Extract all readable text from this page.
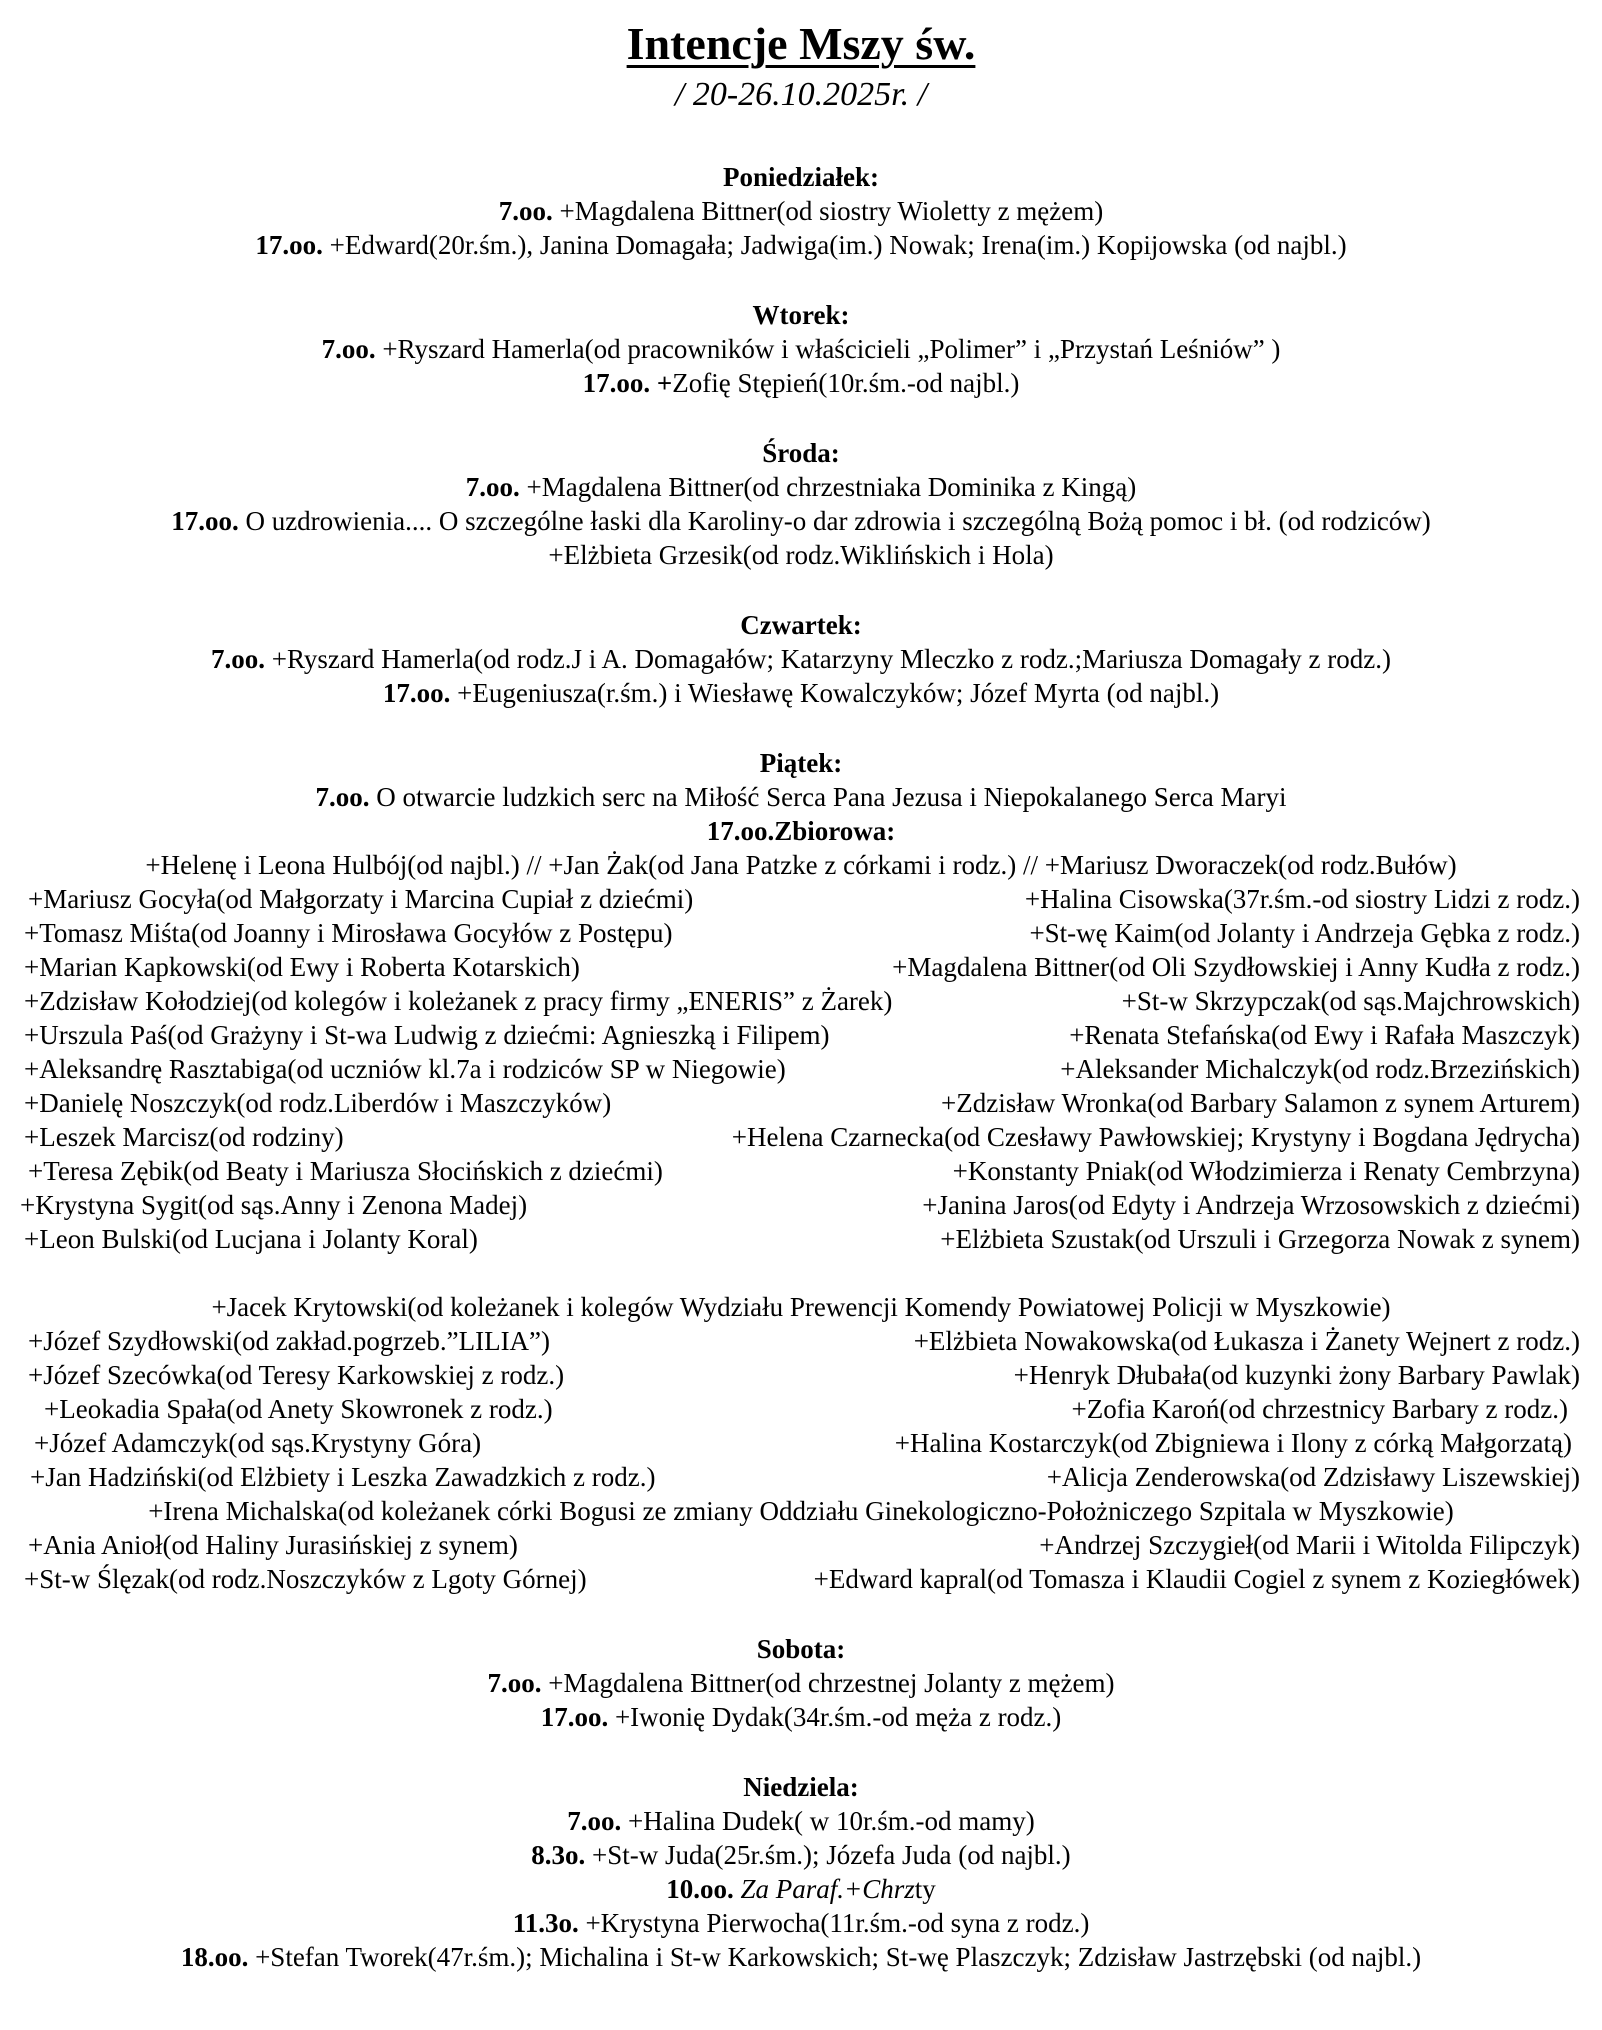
Intencje Mszy św.
/ 20-26.10.2025r. /
Poniedziałek:
7.oo. +Magdalena Bittner(od siostry Wioletty z mężem)
17.oo. +Edward(20r.śm.), Janina Domagała; Jadwiga(im.) Nowak; Irena(im.) Kopijowska (od najbl.)
Wtorek:
7.oo. +Ryszard Hamerla(od pracowników i właścicieli „Polimer” i „Przystań Leśniów” )
17.oo. +Zofię Stępień(10r.śm.-od najbl.)
Środa:
7.oo. +Magdalena Bittner(od chrzestniaka Dominika z Kingą)
17.oo. O uzdrowienia.... O szczególne łaski dla Karoliny-o dar zdrowia i szczególną Bożą pomoc i bł. (od rodziców)
+Elżbieta Grzesik(od rodz.Wiklińskich i Hola)
Czwartek:
7.oo. +Ryszard Hamerla(od rodz.J i A. Domagałów; Katarzyny Mleczko z rodz.;Mariusza Domagały z rodz.)
17.oo. +Eugeniusza(r.śm.) i Wiesławę Kowalczyków; Józef Myrta (od najbl.)
Piątek:
7.oo. O otwarcie ludzkich serc na Miłość Serca Pana Jezusa i Niepokalanego Serca Maryi
17.oo.Zbiorowa:
+Helenę i Leona Hulbój(od najbl.) // +Jan Żak(od Jana Patzke z córkami i rodz.) // +Mariusz Dworaczek(od rodz.Bułów)
+Mariusz Gocyła(od Małgorzaty i Marcina Cupiał z dziećmi)	+Halina Cisowska(37r.śm.-od siostry Lidzi z rodz.)
+Tomasz Miśta(od Joanny i Mirosława Gocyłów z Postępu)	+St-wę Kaim(od Jolanty i Andrzeja Gębka z rodz.)
+Marian Kapkowski(od Ewy i Roberta Kotarskich)	+Magdalena Bittner(od Oli Szydłowskiej i Anny Kudła z rodz.)
+Zdzisław Kołodziej(od kolegów i koleżanek z pracy firmy „ENERIS” z Żarek)	+St-w Skrzypczak(od sąs.Majchrowskich)
+Urszula Paś(od Grażyny i St-wa Ludwig z dziećmi: Agnieszką i Filipem)	+Renata Stefańska(od Ewy i Rafała Maszczyk)
+Aleksandrę Rasztabiga(od uczniów kl.7a i rodziców SP w Niegowie)	+Aleksander Michalczyk(od rodz.Brzezińskich)
+Danielę Noszczyk(od rodz.Liberdów i Maszczyków)	+Zdzisław Wronka(od Barbary Salamon z synem Arturem)
+Leszek Marcisz(od rodziny)	+Helena Czarnecka(od Czesławy Pawłowskiej; Krystyny i Bogdana Jędrycha)
+Teresa Zębik(od Beaty i Mariusza Słocińskich z dziećmi)	+Konstanty Pniak(od Włodzimierza i Renaty Cembrzyna)
+Krystyna Sygit(od sąs.Anny i Zenona Madej)	+Janina Jaros(od Edyty i Andrzeja Wrzosowskich z dziećmi)
+Leon Bulski(od Lucjana i Jolanty Koral)	+Elżbieta Szustak(od Urszuli i Grzegorza Nowak z synem)
+Jacek Krytowski(od koleżanek i kolegów Wydziału Prewencji Komendy Powiatowej Policji w Myszkowie)
+Józef Szydłowski(od zakład.pogrzeb.”LILIA”)	+Elżbieta Nowakowska(od Łukasza i Żanety Wejnert z rodz.)
+Józef Szecówka(od Teresy Karkowskiej z rodz.)	+Henryk Dłubała(od kuzynki żony Barbary Pawlak)
+Leokadia Spała(od Anety Skowronek z rodz.)	+Zofia Karoń(od chrzestnicy Barbary z rodz.)
+Józef Adamczyk(od sąs.Krystyny Góra)	+Halina Kostarczyk(od Zbigniewa i Ilony z córką Małgorzatą)
+Jan Hadziński(od Elżbiety i Leszka Zawadzkich z rodz.)	+Alicja Zenderowska(od Zdzisławy Liszewskiej)
+Irena Michalska(od koleżanek córki Bogusi ze zmiany Oddziału Ginekologiczno-Położniczego Szpitala w Myszkowie)
+Ania Anioł(od Haliny Jurasińskiej z synem)	+Andrzej Szczygieł(od Marii i Witolda Filipczyk)
+St-w Ślęzak(od rodz.Noszczyków z Lgoty Górnej)	+Edward kapral(od Tomasza i Klaudii Cogiel z synem z Koziegłówek)
Sobota:
7.oo. +Magdalena Bittner(od chrzestnej Jolanty z mężem)
17.oo. +Iwonię Dydak(34r.śm.-od męża z rodz.)
Niedziela:
7.oo. +Halina Dudek( w 10r.śm.-od mamy)
8.3o. +St-w Juda(25r.śm.); Józefa Juda (od najbl.)
10.oo. Za Paraf.+Chrzty
11.3o. +Krystyna Pierwocha(11r.śm.-od syna z rodz.)
18.oo. +Stefan Tworek(47r.śm.); Michalina i St-w Karkowskich; St-wę Plaszczyk; Zdzisław Jastrzębski (od najbl.)
